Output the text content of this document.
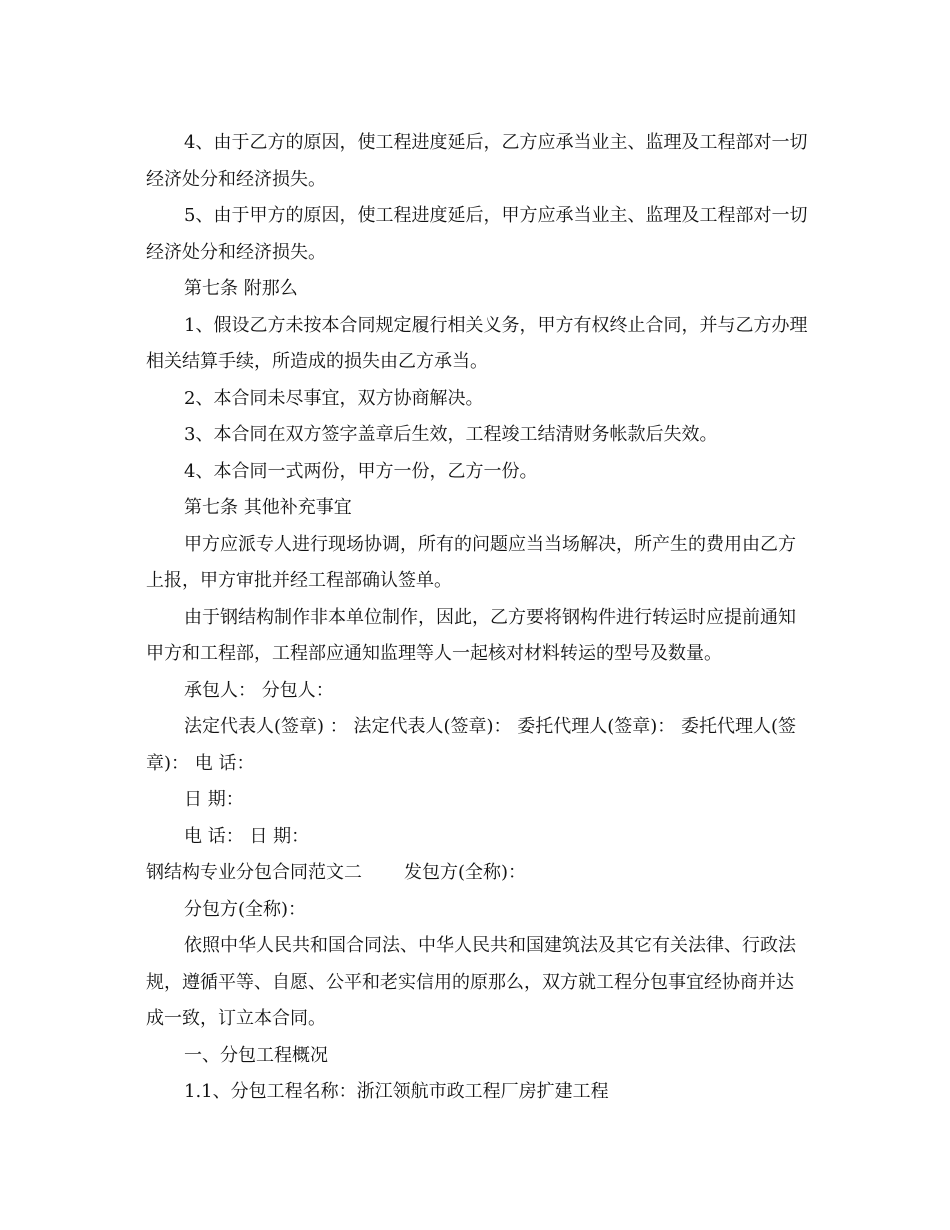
4、由于乙方的原因，使工程进度延后，乙方应承当业主、监理及工程部对一切经济处分和经济损失。

5、由于甲方的原因，使工程进度延后，甲方应承当业主、监理及工程部对一切经济处分和经济损失。

第七条 附那么

1、假设乙方未按本合同规定履行相关义务，甲方有权终止合同，并与乙方办理相关结算手续，所造成的损失由乙方承当。

2、本合同未尽事宜，双方协商解决。

3、本合同在双方签字盖章后生效，工程竣工结清财务帐款后失效。

4、本合同一式两份，甲方一份，乙方一份。

第七条 其他补充事宜

甲方应派专人进行现场协调，所有的问题应当当场解决，所产生的费用由乙方上报，甲方审批并经工程部确认签单。

由于钢结构制作非本单位制作，因此，乙方要将钢构件进行转运时应提前通知甲方和工程部，工程部应通知监理等人一起核对材料转运的型号及数量。

承包人： 分包人：

法定代表人(签章) ： 法定代表人(签章)： 委托代理人(签章)： 委托代理人(签章)： 电 话：

日 期：

电 话： 日 期：

钢结构专业分包合同范文二 发包方(全称)：

分包方(全称)：

依照中华人民共和国合同法、中华人民共和国建筑法及其它有关法律、行政法规，遵循平等、自愿、公平和老实信用的原那么，双方就工程分包事宜经协商并达成一致，订立本合同。

一、分包工程概况

1.1、分包工程名称：浙江领航市政工程厂房扩建工程
